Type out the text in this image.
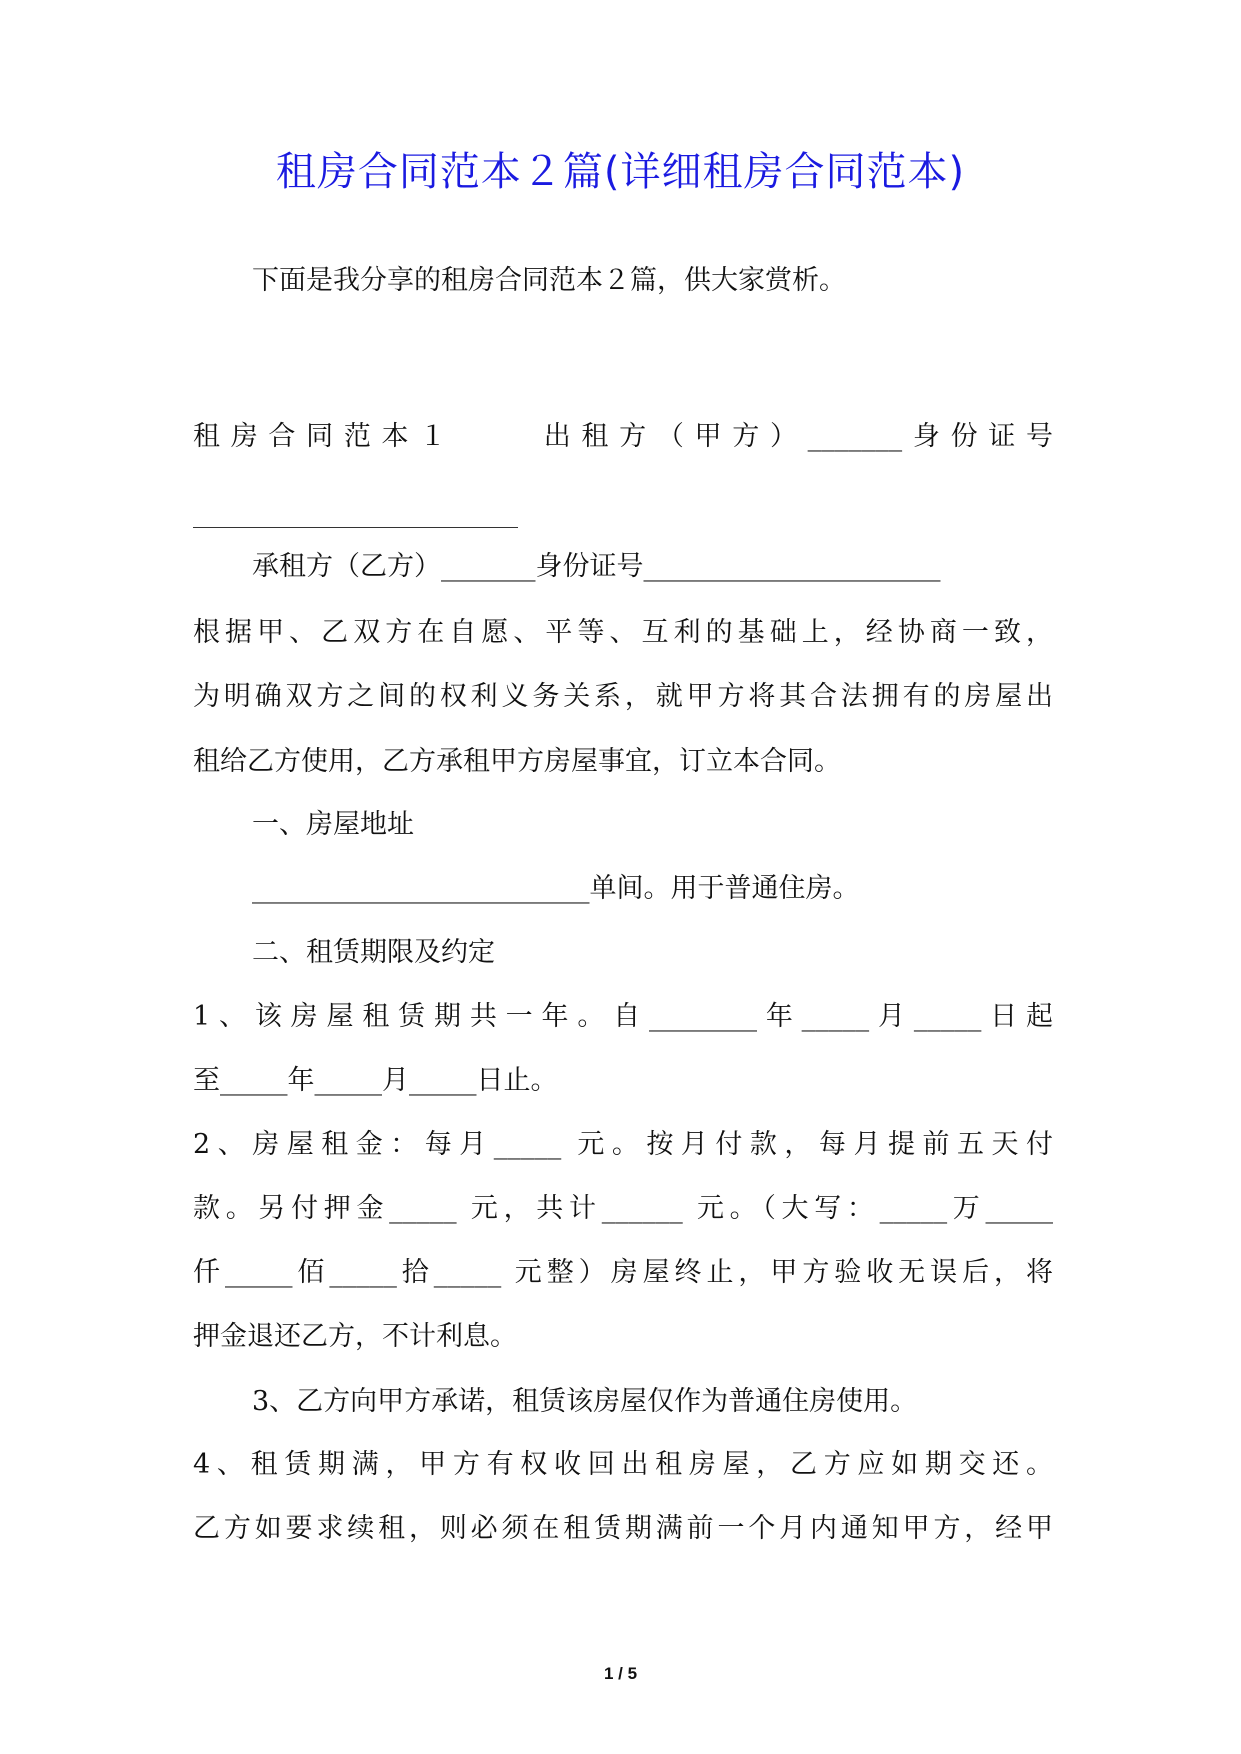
租房合同范本２篇(详细租房合同范本)
下面是我分享的租房合同范本２篇，供大家赏析。
租房合同范本１	出租方（甲方）_______身份证号
承租方（乙方）_______身份证号______________________
根据甲、乙双方在自愿、平等、互利的基础上，经协商一致，
为明确双方之间的权利义务关系，就甲方将其合法拥有的房屋出
租给乙方使用，乙方承租甲方房屋事宜，订立本合同。
一、房屋地址
_________________________单间。用于普通住房。
二、租赁期限及约定
1、该房屋租赁期共一年。自________年_____月_____日起
至_____年_____月_____日止。
2、房屋租金：每月_____ 元。按月付款，每月提前五天付
款。另付押金_____ 元，共计______ 元。（大写：_____万_____
仟_____佰_____拾_____ 元整）房屋终止，甲方验收无误后，将
押金退还乙方，不计利息。
3、乙方向甲方承诺，租赁该房屋仅作为普通住房使用。
4、租赁期满，甲方有权收回出租房屋，乙方应如期交还。
乙方如要求续租，则必须在租赁期满前一个月内通知甲方，经甲
1 / 5
